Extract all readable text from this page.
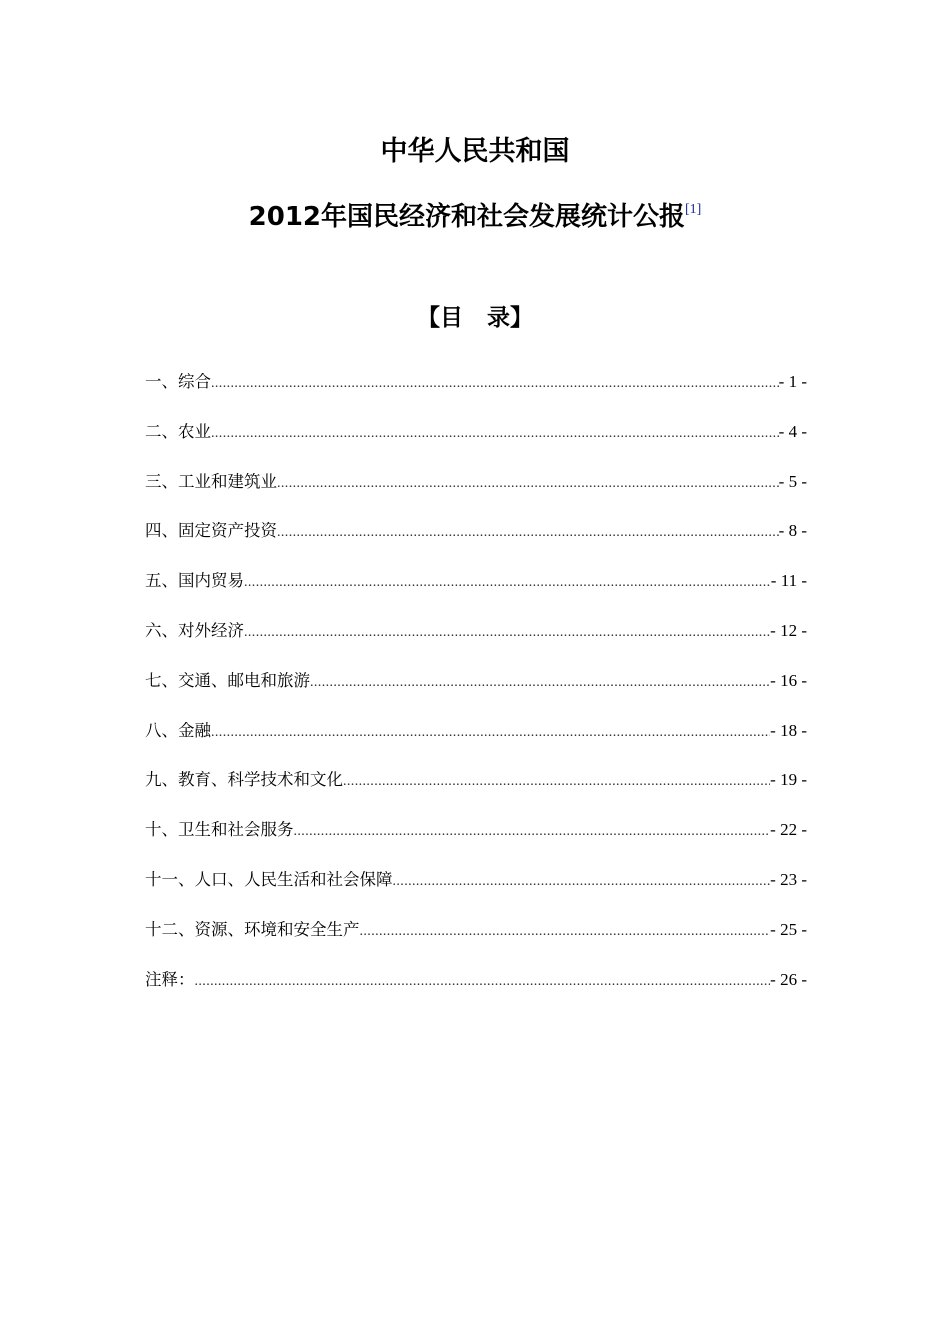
中华人民共和国
2012年国民经济和社会发展统计公报[1]
【目   录】
一、综合 .....	- 1 -
二、农业 .....	- 4 -
三、工业和建筑业 .....	- 5 -
四、固定资产投资 .....	- 8 -
五、国内贸易 .....	- 11 -
六、对外经济 .....	- 12 -
七、交通、邮电和旅游 .....	- 16 -
八、金融 .....	- 18 -
九、教育、科学技术和文化 .....	- 19 -
十、卫生和社会服务 .....	- 22 -
十一、人口、人民生活和社会保障 .....	- 23 -
十二、资源、环境和安全生产 .....	- 25 -
注释： .....	- 26 -
